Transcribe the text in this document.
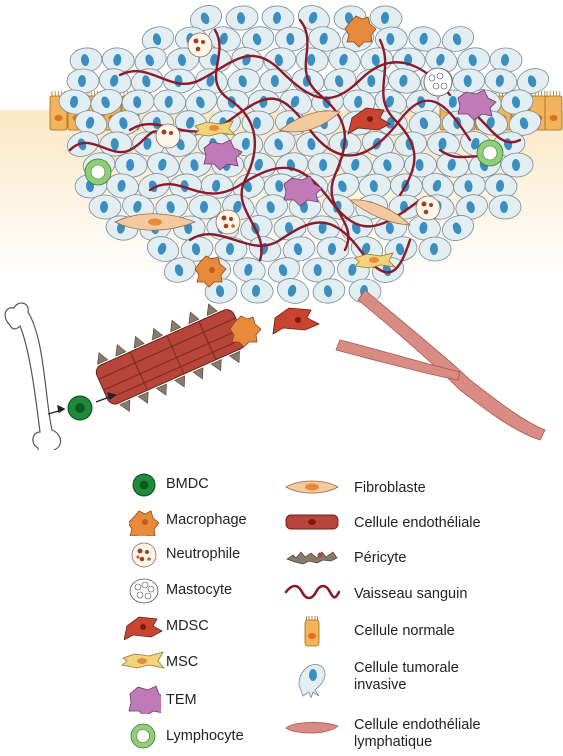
BMDC
Macrophage
Neutrophile
Mastocyte
MDSC
MSC
TEM
Lymphocyte
Fibroblaste
Cellule endothéliale
Péricyte
Vaisseau sanguin
Cellule normale
Cellule tumorale
invasive
Cellule endothéliale
lymphatique
